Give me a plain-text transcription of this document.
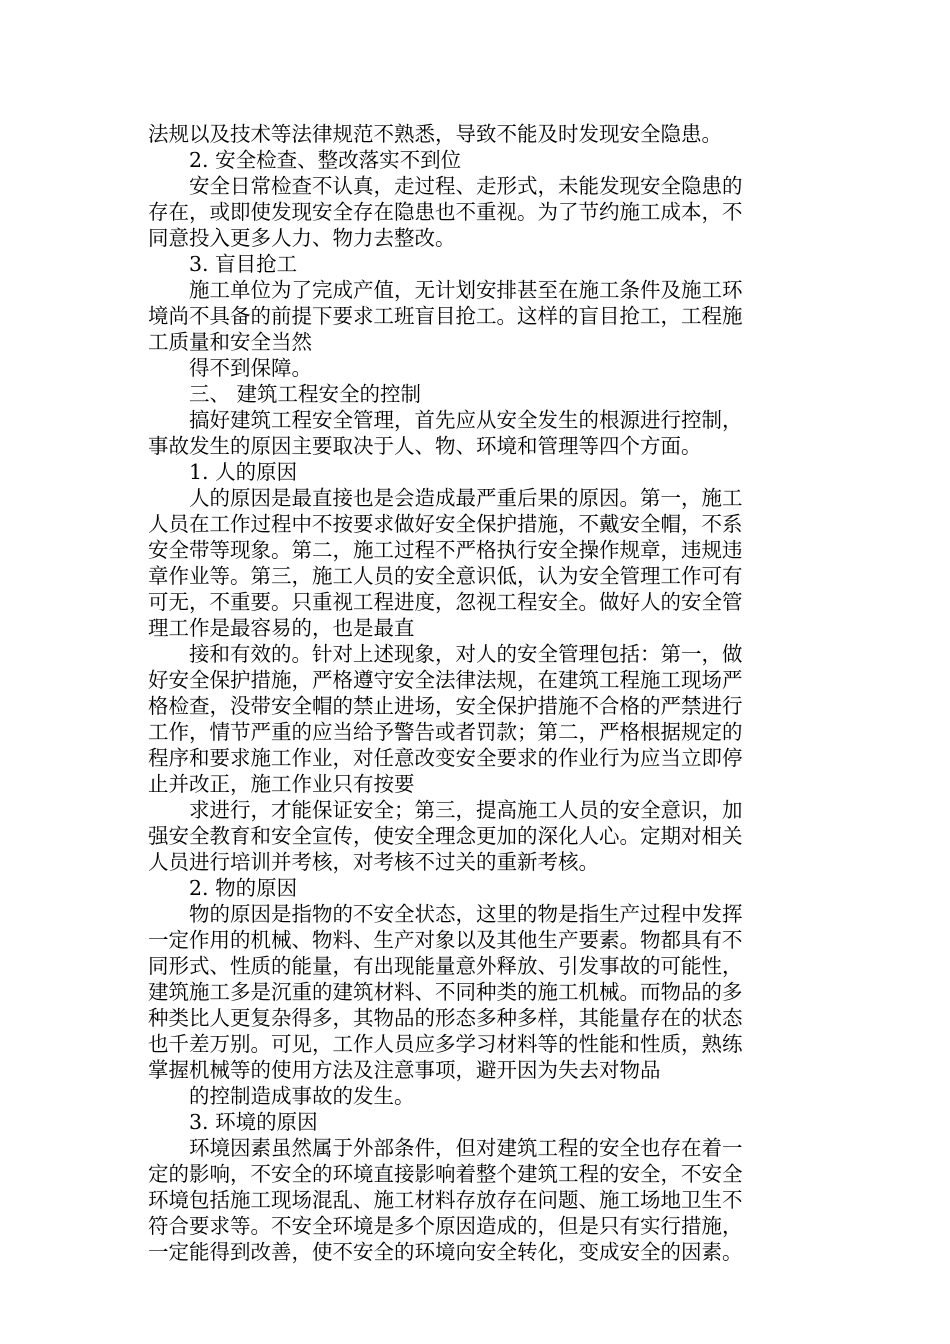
法规以及技术等法律规范不熟悉，导致不能及时发现安全隐患。
2. 安全检查、整改落实不到位
安全日常检查不认真，走过程、走形式，未能发现安全隐患的
存在，或即使发现安全存在隐患也不重视。为了节约施工成本，不
同意投入更多人力、物力去整改。
3. 盲目抢工
施工单位为了完成产值，无计划安排甚至在施工条件及施工环
境尚不具备的前提下要求工班盲目抢工。这样的盲目抢工，工程施
工质量和安全当然
得不到保障。
三、 建筑工程安全的控制
搞好建筑工程安全管理，首先应从安全发生的根源进行控制，
事故发生的原因主要取决于人、物、环境和管理等四个方面。
1. 人的原因
人的原因是最直接也是会造成最严重后果的原因。第一，施工
人员在工作过程中不按要求做好安全保护措施，不戴安全帽，不系
安全带等现象。第二，施工过程不严格执行安全操作规章，违规违
章作业等。第三，施工人员的安全意识低，认为安全管理工作可有
可无，不重要。只重视工程进度，忽视工程安全。做好人的安全管
理工作是最容易的，也是最直
接和有效的。针对上述现象，对人的安全管理包括：第一，做
好安全保护措施，严格遵守安全法律法规，在建筑工程施工现场严
格检查，没带安全帽的禁止进场，安全保护措施不合格的严禁进行
工作，情节严重的应当给予警告或者罚款；第二，严格根据规定的
程序和要求施工作业，对任意改变安全要求的作业行为应当立即停
止并改正，施工作业只有按要
求进行，才能保证安全；第三，提高施工人员的安全意识，加
强安全教育和安全宣传，使安全理念更加的深化人心。定期对相关
人员进行培训并考核，对考核不过关的重新考核。
2. 物的原因
物的原因是指物的不安全状态，这里的物是指生产过程中发挥
一定作用的机械、物料、生产对象以及其他生产要素。物都具有不
同形式、性质的能量，有出现能量意外释放、引发事故的可能性，
建筑施工多是沉重的建筑材料、不同种类的施工机械。而物品的多
种类比人更复杂得多，其物品的形态多种多样，其能量存在的状态
也千差万别。可见，工作人员应多学习材料等的性能和性质，熟练
掌握机械等的使用方法及注意事项，避开因为失去对物品
的控制造成事故的发生。
3. 环境的原因
环境因素虽然属于外部条件，但对建筑工程的安全也存在着一
定的影响，不安全的环境直接影响着整个建筑工程的安全，不安全
环境包括施工现场混乱、施工材料存放存在问题、施工场地卫生不
符合要求等。不安全环境是多个原因造成的，但是只有实行措施，
一定能得到改善，使不安全的环境向安全转化，变成安全的因素。
